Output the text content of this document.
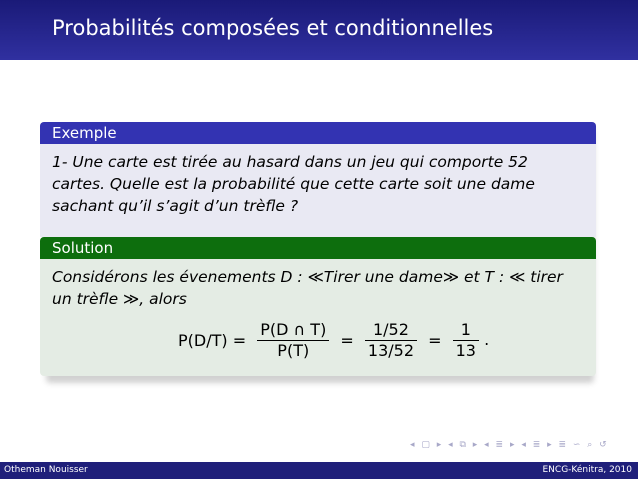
Probabilités composées et conditionnelles
Exemple
1- Une carte est tirée au hasard dans un jeu qui comporte 52 cartes. Quelle est la probabilité que cette carte soit une dame sachant qu’il s’agit d’un trèfle ?
Solution
Considérons les évenements D : ≪Tirer une dame≫ et T : ≪ tirer un trèfle ≫, alors
$P(D/T) = \frac{P(D \cap T)}{P(T)} = \frac{1/52}{13/52} = \frac{1}{13}$ .
◂ ▢ ▸ ◂ ⧉ ▸ ◂ ≣ ▸ ◂ ≣ ▸ ≣ ∽ ⌕ ↺
Otheman Nouisser	ENCG-Kénitra, 2010
